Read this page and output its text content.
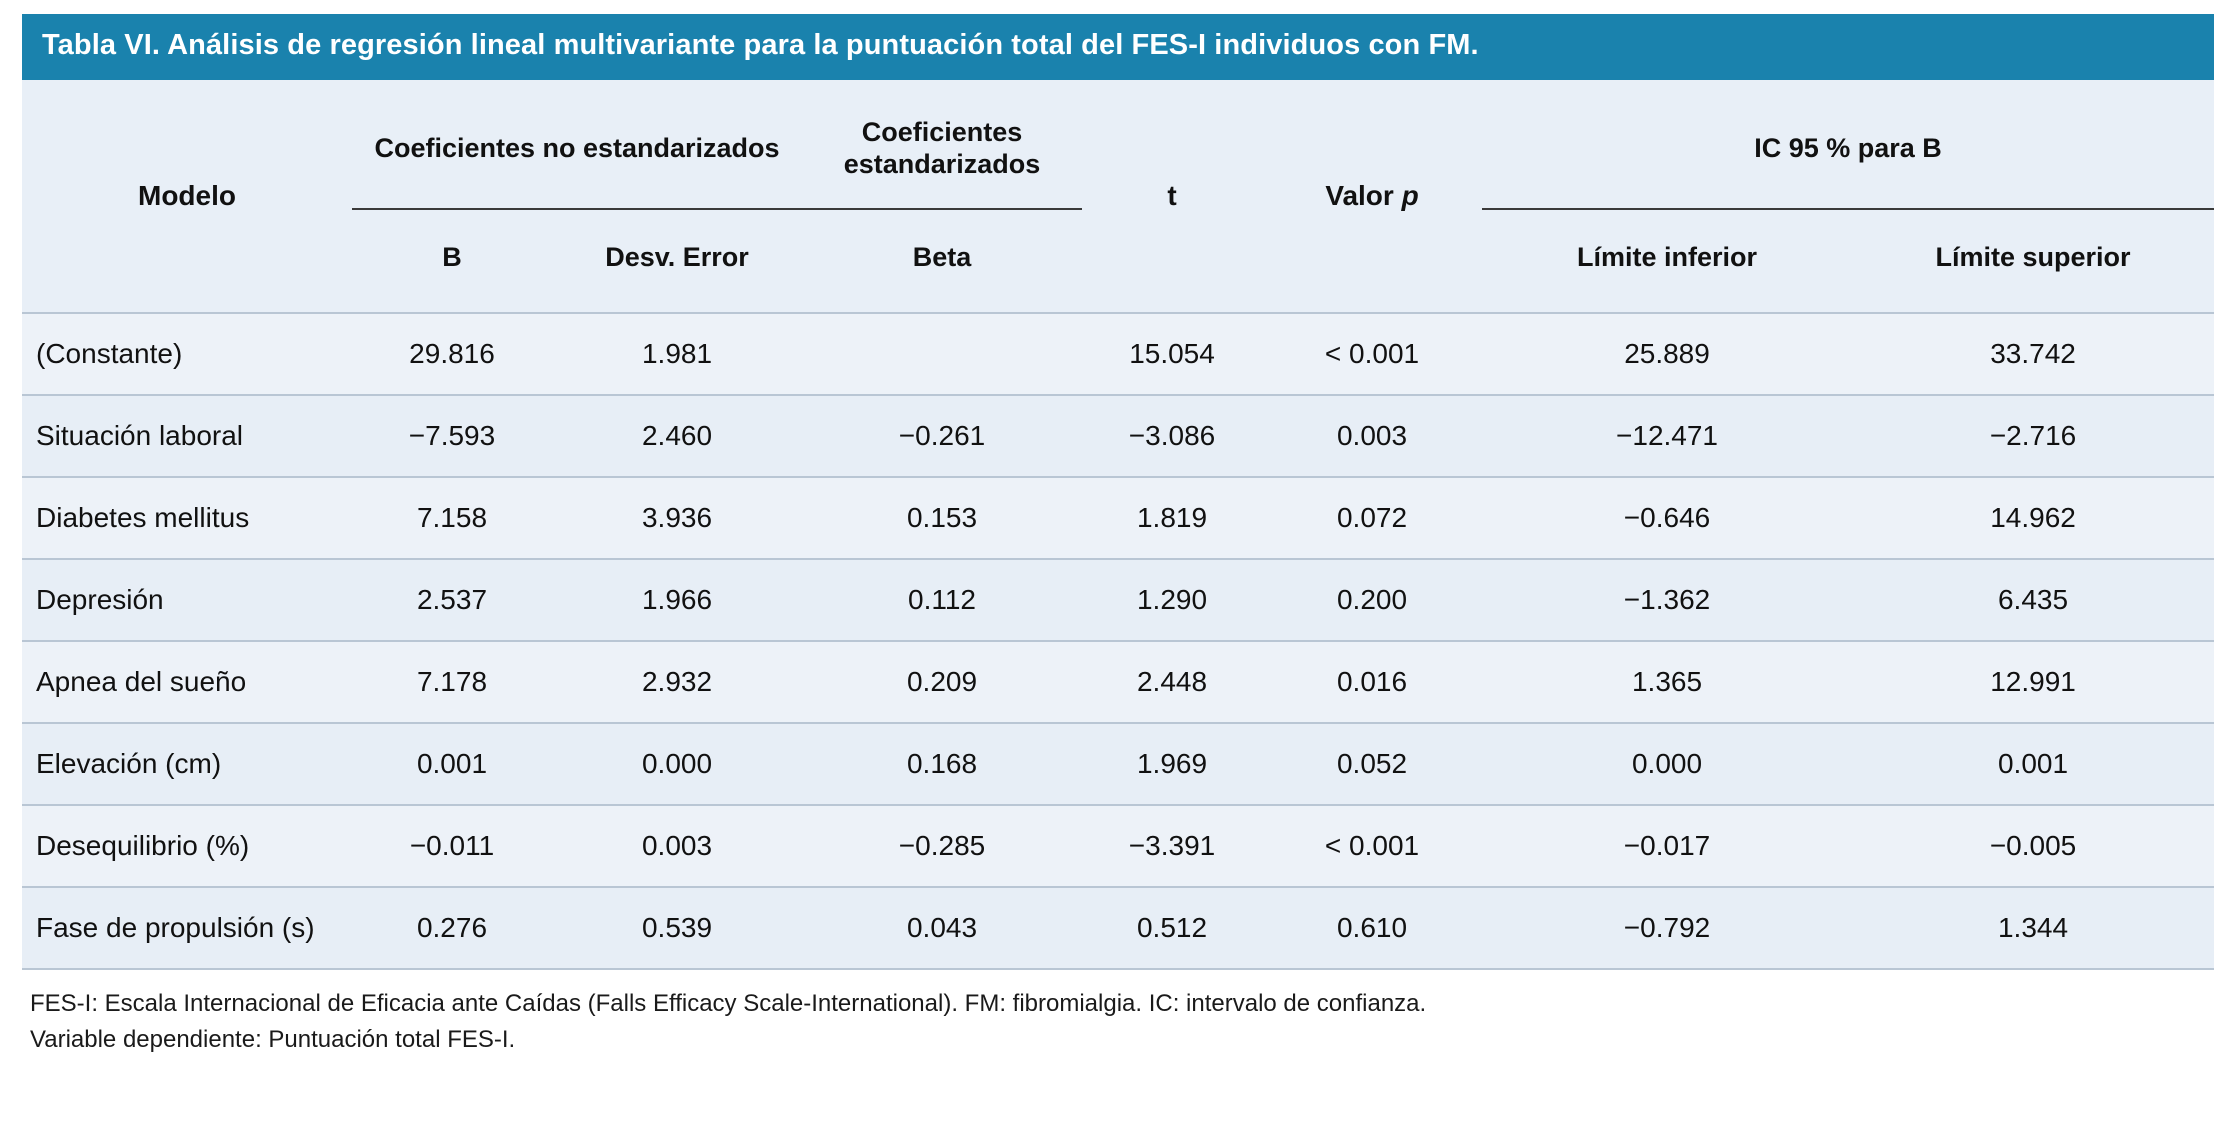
Tabla VI. Análisis de regresión lineal multivariante para la puntuación total del FES-I individuos con FM.
Modelo	Coeficientes no estandarizados		Coeficientes estandarizados	t	Valor p	IC 95 % para B	
	B	Desv. Error	Beta			Límite inferior	Límite superior
(Constante)	29.816	1.981		15.054	< 0.001	25.889	33.742
Situación laboral	−7.593	2.460	−0.261	−3.086	0.003	−12.471	−2.716
Diabetes mellitus	7.158	3.936	0.153	1.819	0.072	−0.646	14.962
Depresión	2.537	1.966	0.112	1.290	0.200	−1.362	6.435
Apnea del sueño	7.178	2.932	0.209	2.448	0.016	1.365	12.991
Elevación (cm)	0.001	0.000	0.168	1.969	0.052	0.000	0.001
Desequilibrio (%)	−0.011	0.003	−0.285	−3.391	< 0.001	−0.017	−0.005
Fase de propulsión (s)	0.276	0.539	0.043	0.512	0.610	−0.792	1.344
FES-I: Escala Internacional de Eficacia ante Caídas (Falls Efficacy Scale-International). FM: fibromialgia. IC: intervalo de confianza.
Variable dependiente: Puntuación total FES-I.
